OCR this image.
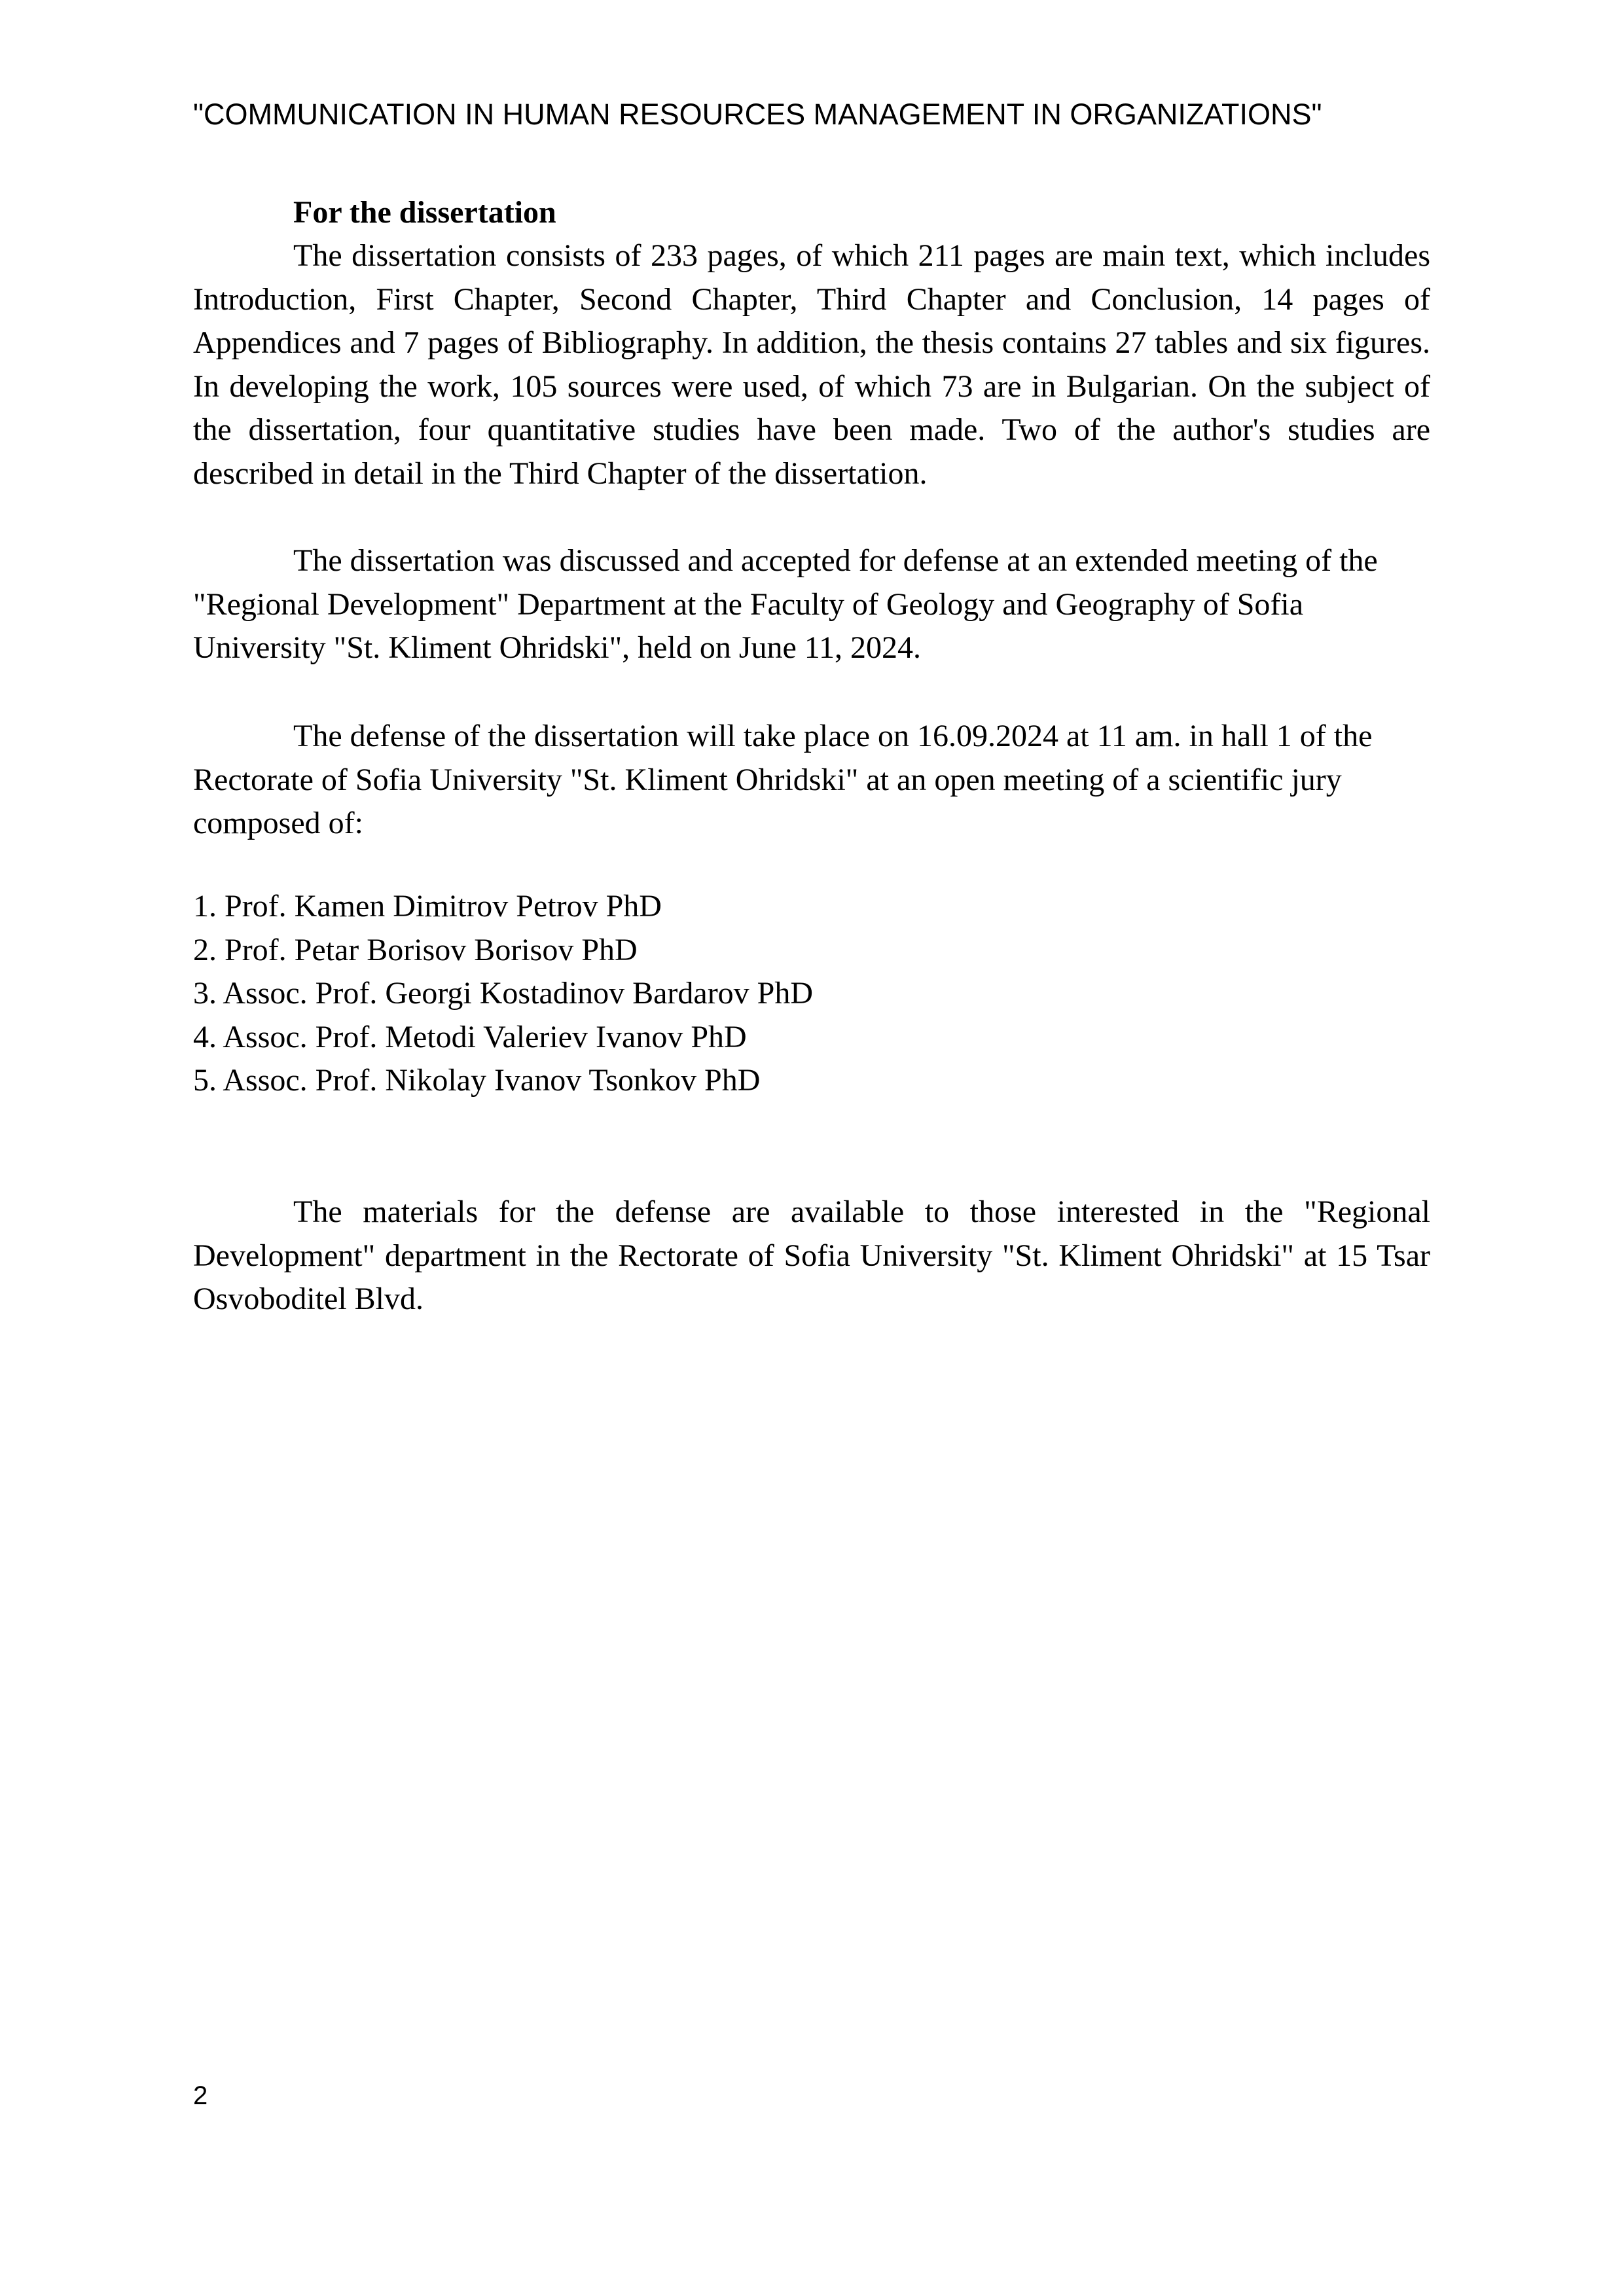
"COMMUNICATION IN HUMAN RESOURCES MANAGEMENT IN ORGANIZATIONS"
For the dissertation

The dissertation consists of 233 pages, of which 211 pages are main text, which includes Introduction, First Chapter, Second Chapter, Third Chapter and Conclusion, 14 pages of Appendices and 7 pages of Bibliography. In addition, the thesis contains 27 tables and six figures. In developing the work, 105 sources were used, of which 73 are in Bulgarian. On the subject of the dissertation, four quantitative studies have been made. Two of the author's studies are described in detail in the Third Chapter of the dissertation.

The dissertation was discussed and accepted for defense at an extended meeting of the "Regional Development" Department at the Faculty of Geology and Geography of Sofia University "St. Kliment Ohridski", held on June 11, 2024.

The defense of the dissertation will take place on 16.09.2024 at 11 am. in hall 1 of the Rectorate of Sofia University "St. Kliment Ohridski" at an open meeting of a scientific jury composed of:

1. Prof. Kamen Dimitrov Petrov PhD
2. Prof. Petar Borisov Borisov PhD
3. Assoc. Prof. Georgi Kostadinov Bardarov PhD
4. Assoc. Prof. Metodi Valeriev Ivanov PhD
5. Assoc. Prof. Nikolay Ivanov Tsonkov PhD

The materials for the defense are available to those interested in the "Regional Development" department in the Rectorate of Sofia University "St. Kliment Ohridski" at 15 Tsar Osvoboditel Blvd.

2
